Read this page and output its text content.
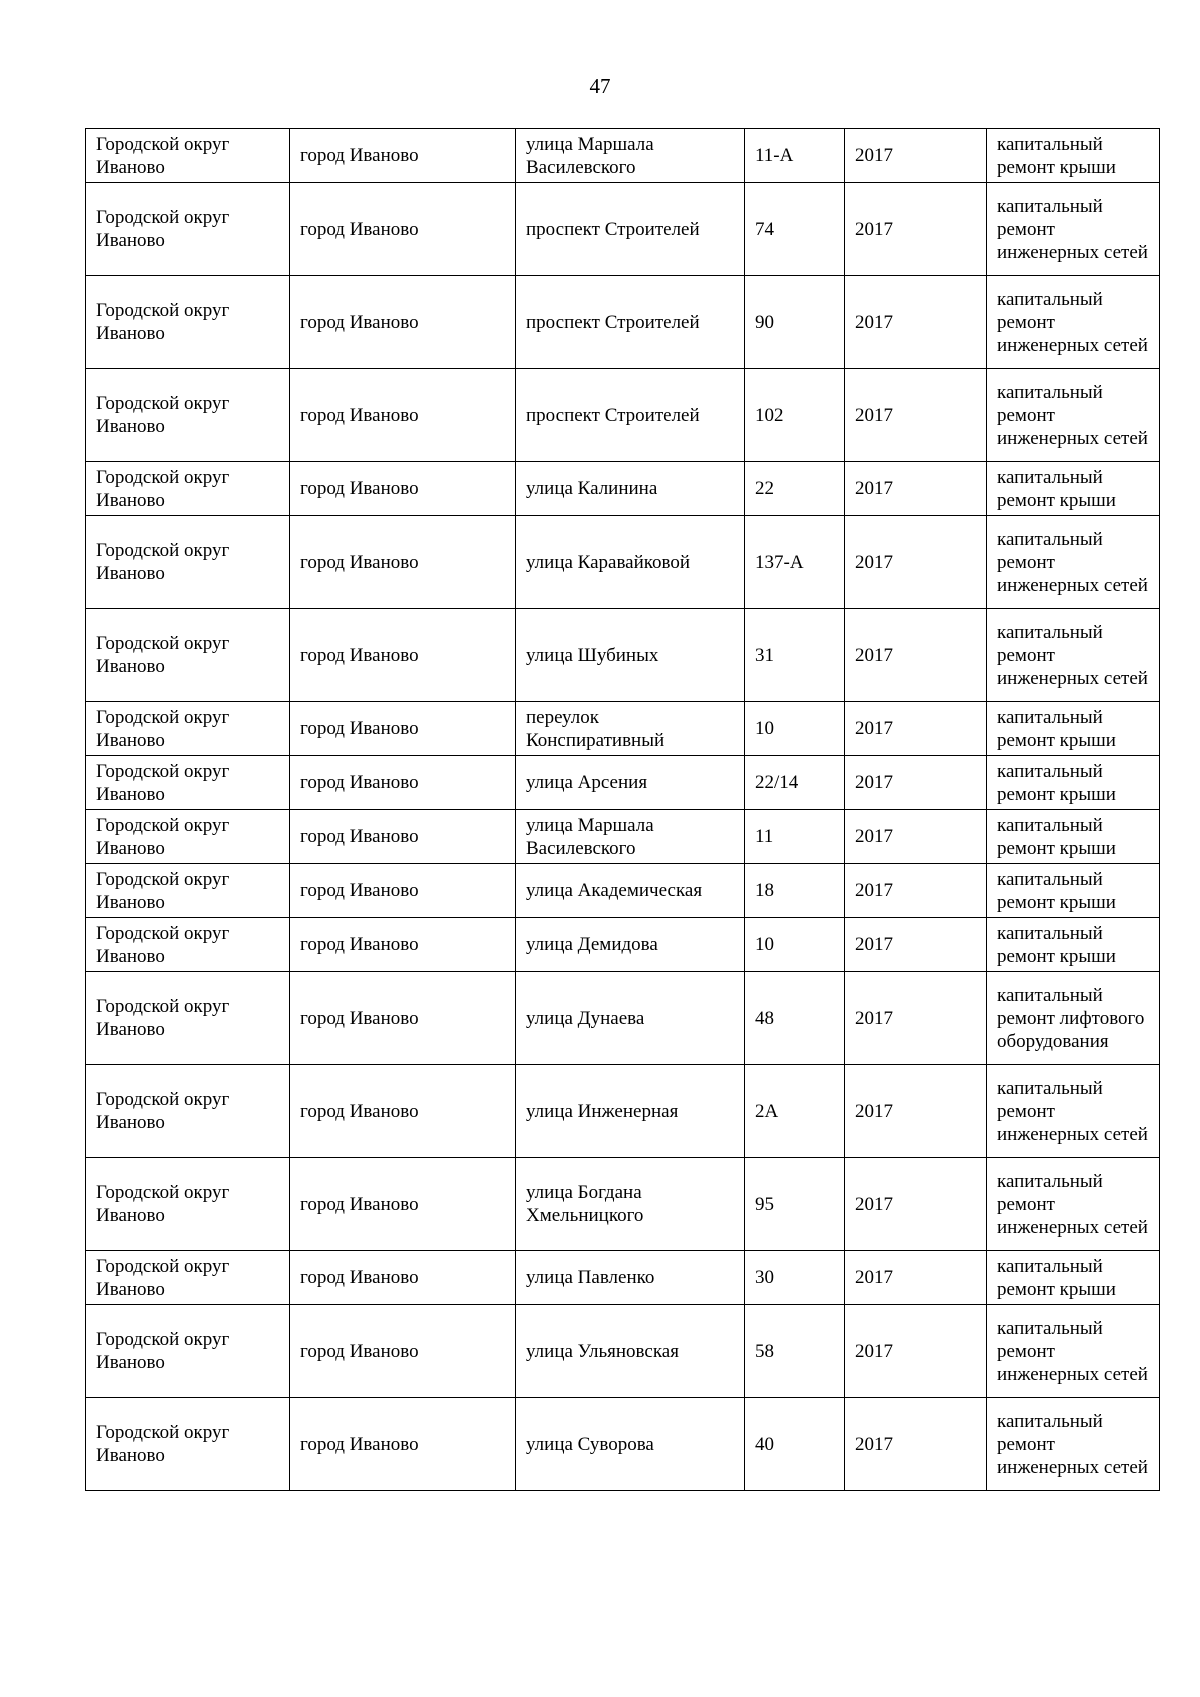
47
Городской округ Иваново	город Иваново	улица Маршала Василевского	11-А	2017	капитальный ремонт крыши
Городской округ Иваново	город Иваново	проспект Строителей	74	2017	капитальный ремонт инженерных сетей
Городской округ Иваново	город Иваново	проспект Строителей	90	2017	капитальный ремонт инженерных сетей
Городской округ Иваново	город Иваново	проспект Строителей	102	2017	капитальный ремонт инженерных сетей
Городской округ Иваново	город Иваново	улица Калинина	22	2017	капитальный ремонт крыши
Городской округ Иваново	город Иваново	улица Каравайковой	137-А	2017	капитальный ремонт инженерных сетей
Городской округ Иваново	город Иваново	улица Шубиных	31	2017	капитальный ремонт инженерных сетей
Городской округ Иваново	город Иваново	переулок Конспиративный	10	2017	капитальный ремонт крыши
Городской округ Иваново	город Иваново	улица Арсения	22/14	2017	капитальный ремонт крыши
Городской округ Иваново	город Иваново	улица Маршала Василевского	11	2017	капитальный ремонт крыши
Городской округ Иваново	город Иваново	улица Академическая	18	2017	капитальный ремонт крыши
Городской округ Иваново	город Иваново	улица Демидова	10	2017	капитальный ремонт крыши
Городской округ Иваново	город Иваново	улица Дунаева	48	2017	капитальный ремонт лифтового оборудования
Городской округ Иваново	город Иваново	улица Инженерная	2А	2017	капитальный ремонт инженерных сетей
Городской округ Иваново	город Иваново	улица Богдана Хмельницкого	95	2017	капитальный ремонт инженерных сетей
Городской округ Иваново	город Иваново	улица Павленко	30	2017	капитальный ремонт крыши
Городской округ Иваново	город Иваново	улица Ульяновская	58	2017	капитальный ремонт инженерных сетей
Городской округ Иваново	город Иваново	улица Суворова	40	2017	капитальный ремонт инженерных сетей
